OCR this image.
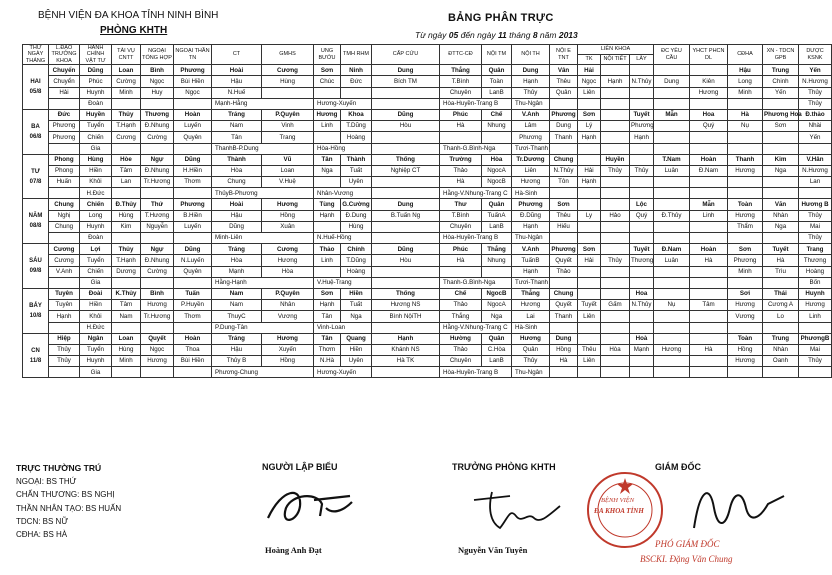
BỆNH VIỆN ĐA KHOA TỈNH NINH BÌNH
PHÒNG KHTH
BẢNG PHÂN TRỰC
Từ ngày 05 đến ngày 11 tháng 8 năm 2013
THỨ NGÀY THÁNG	L.ĐẠO TRƯỞNG KHOA	HÀNH CHÍNH VẬT TƯ	TÀI VỤ CNTT	NGOẠI TỔNG HỢP	NGOẠI THẦN TN	CT	GMHS	UNG BƯỚU	TMH RHM	CẤP CỨU	ĐTTC-CĐ	NỘI TM	NỘI TH	NỘI E TNT	LIÊN KHOA			ĐC YÊU CẦU	YHCT PHCN DL	CĐHA	XN - TDCN GPB	DƯỢC KSNK	
															TK	NỘI TIẾT	LÂY						

HAI
05/8	Chuyển	Dũng	Loan	Bình	Phương	Hoài	Cương	Sơn	Ninh	Dung	Thắng	Quân	Dung	Vân	Hải					Hậu	Trung	Yến	
	Chuyển	Phúc	Cường	Ngọc	Bùi Hiền	Hậu	Hùng	Chúc	Đức	Bích TM	T.Bình	Toàn	Hạnh	Thêu	Ngọc	Hạnh	N.Thủy	Dung	Kiên	Long	Chinh	N.Hương	
	Hải	Huynh	Minh	Huy	Ngọc	N.Huế					Chuyên	LanB	Thủy	Quân	Liên				Hương	Minh	Yến	Thủy	
		Đoàn				Mạnh-Hằng		Hương-Xuyến			Hòa-Huyền-Trang B		Thu-Ngân									Thủy	

BA
06/8	Đức	Huyền	Thủy	Thương	Hoàn	Tráng	P.Quyên	Hương	Khoa	Dũng	Phúc	Chế	V.Anh	Phương	Sơn		Tuyết	Mẫn	Hoa	Hà	Phương Hoa	Đ.thảo	
	Phương	Tuyển	T.Hạnh	Đ.Nhung	Luyến	Nam	Vinh	Linh	T.Dũng	Hòu	Hà	Nhung	Lâm	Dung	Lý		Phương		Quý	Nụ	Sơn	Nhài	
	Phương	Chiến	Cương	Cường	Quyên	Tân	Trang		Hoàng				Phương	Thanh	Hạnh		Hạnh					Yến	
		Gia				ThanhB-P.Dung		Hòa-Hồng			Thanh-G.Bình-Nga		Tươi-Thanh										

TƯ
07/8	Phong	Hùng	Hòe	Ngự	Dũng	Thành	Vũ	Tân	Thành	Thống	Trường	Hòa	Tr.Dương	Chung		Huyền		T.Nam	Hoàn	Thanh	Kim	V.Hân	
	Phong	Hiền	Tâm	Đ.Nhung	H.Hiền	Hòa	Loan	Nga	Tuất	Nghiệp CT	Thảo	NgocA	Liên	N.Thủy	Hải	Thủy	Thủy	Luân	Đ.Nam	Hương	Nga	N.Hương	
	Huấn	Khôi	Lan	Tr.Hương	Thơm	Chung	V.Huệ		Uyên		Hà	NgocB	Hương	Tôn	Hạnh							Lan	
		H.Đức				ThủyB-Phương		Nhân-Vương			Hằng-V.Nhung-Trang C		Hà-Sinh										

NĂM
08/8	Chung	Chiến	Đ.Thủy	Thứ	Phương	Hoài	Hương	Tùng	G.Cường	Dung	Thư	Quân	Phương	Sơn			Lộc		Mẫn	Toàn	Văn	Hương B	
	Nghị	Long	Hùng	T.Hương	B.Hiền	Hậu	Hồng	Hạnh	Đ.Dung	B.Tuấn Ng	T.Bình	TuấnA	Đ.Dũng	Thêu	Ly	Hảo	Quý	Đ.Thủy	Linh	Hương	Nhàn	Thủy	
	Chung	Huynh	Kim	Nguyễn	Luyến	Dũng	Xuân		Hùng		Chuyên	LanB	Hạnh	Hiếu						Thẩm	Nga	Mai	
		Đoàn				Minh-Liên		N.Huế-Hồng			Hòa-Huyền-Trang B		Thu-Ngân									Thủy	

SÁU
09/8	Cương	Lợi	Thủy	Ngự	Dũng	Tráng	Cương	Thảo	Chính	Dũng	Phúc	Thắng	V.Anh	Phương	Sơn		Tuyết	Đ.Nam	Hoàn	Sơn	Tuyết	Trang	
	Cương	Tuyển	T.Hạnh	Đ.Nhung	N.Luyến	Hòa	Hương	Linh	T.Dũng	Hòu	Hà	Nhung	TuấnB	Quyết	Hải	Thủy	Thương	Luân	Hà	Phương	Hà	Thương	
	V.Anh	Chiến	Dương	Cường	Quyên	Mạnh	Hòa		Hoàng				Hạnh	Thảo						Minh	Trìu	Hoàng	
		Gia				Hằng-Hạnh		V.Huệ-Trang			Thanh-G.Bình-Nga		Tươi-Thanh									Bốn	

BẢY
10/8	Tuyên	Đoài	K.Thủy	Bình	Tuấn	Nam	P.Quyên	Sơn	Hiền	Thống	Chế	NgocB	Thắng	Chung			Hoa			Sơi	Thái	Huynh	
	Tuyên	Hiền	Tâm	Hương	P.Huyền	Nam	Nhân	Hạnh	Tuất	Hương NS	Thảo	NgocA	Hương	Quyết	Tuyết	Gấm	N.Thủy	Nụ	Tâm	Hương	Cương A	Hương	
	Hạnh	Khôi	Nam	Tr.Hương	Thơm	ThuyC	Vương	Tân	Nga	Bình NộiTH	Thắng	Nga	Lai	Thanh	Liên					Vương	Lo	Linh	
		H.Đức				P.Dung-Tân		Vinh-Loan			Hằng-V.Nhung-Trang C		Hà-Sinh										

CN
11/8	Hiệp	Ngân	Loan	Quyết	Hoàn	Tráng	Hương	Tân	Quang	Hạnh	Hường	Quân	Hương	Dung			Hoà			Toàn	Trung	PhươngB	
	Thủy	Tuyển	Hùng	Ngọc	Thoa	Hậu	Xuyến	Thơm	Hiền	Khánh NS	Thảo	C.Hòa	Quân	Hồng	Thêu	Hòa	Mạnh	Hương	Hà	Hồng	Nhàn	Mai	
	Thủy	Huynh	Minh	Hương	Bùi Hiền	Thủy B	Hồng	N.Hà	Uyên	Hà TK	Chuyên	LanB	Thủy	Hà	Liên					Hương	Oanh	Thủy	
		Gia				Phương-Chung		Hương-Xuyến			Hòa-Huyền-Trang B		Thu-Ngân										
TRỰC THƯỜNG TRÚ
NGOẠI: BS THỨ
CHẤN THƯƠNG: BS NGHỊ
THẦN NHÂN TẠO: BS HUẤN
TDCN: BS NỮ
CĐHA: BS HÀ
NGƯỜI LẬP BIỂU	TRƯỞNG PHÒNG KHTH	GIÁM ĐỐC
BỆNH VIỆN
ĐA KHOA TỈNH
PHÓ GIÁM ĐỐC
BSCKI. Đặng Văn Chung
Hoàng Anh Đạt	Nguyễn Văn Tuyên
